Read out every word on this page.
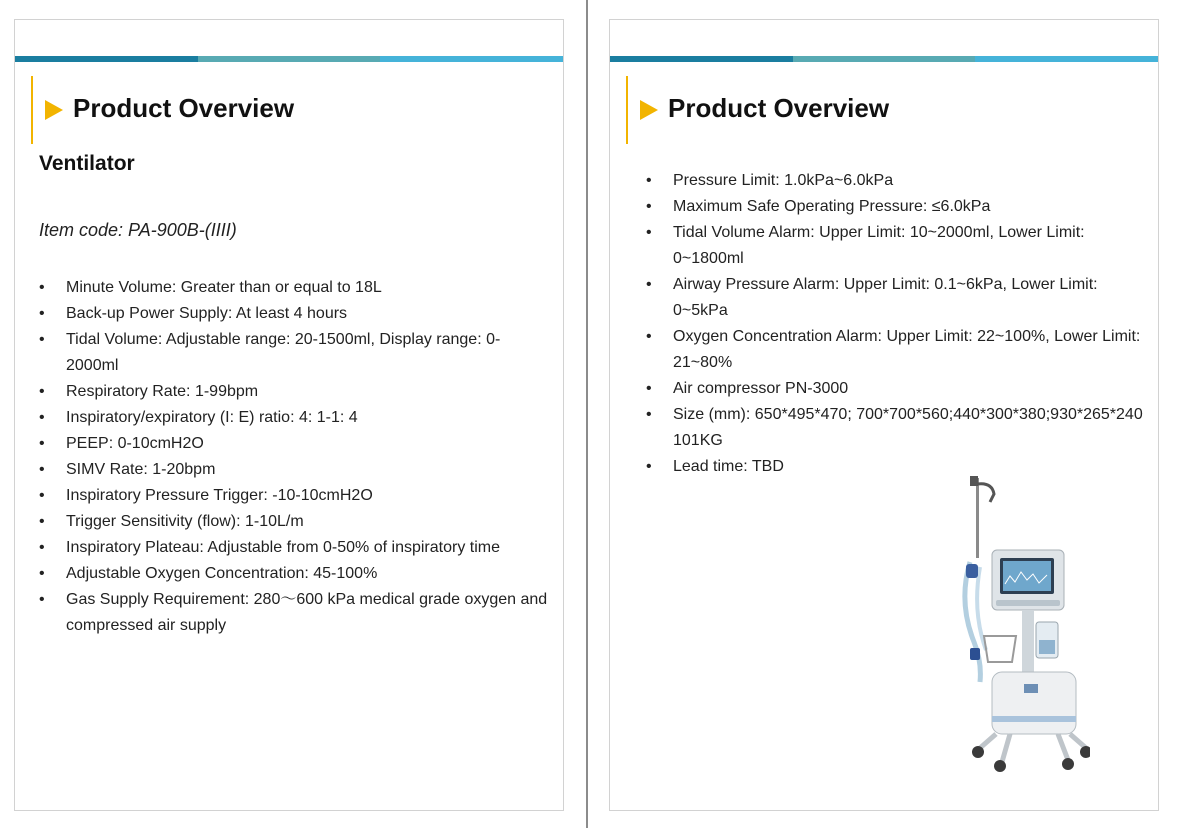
Product Overview
Ventilator
Item code: PA-900B-(IIII)
• Minute Volume: Greater than or equal to 18L
• Back-up Power Supply: At least 4 hours
• Tidal Volume: Adjustable range: 20-1500ml, Display range: 0-2000ml
• Respiratory Rate: 1-99bpm
• Inspiratory/expiratory (I: E) ratio: 4: 1-1: 4
• PEEP: 0-10cmH2O
• SIMV Rate: 1-20bpm
• Inspiratory Pressure Trigger: -10-10cmH2O
• Trigger Sensitivity (flow): 1-10L/m
• Inspiratory Plateau: Adjustable from 0-50% of inspiratory time
• Adjustable Oxygen Concentration: 45-100%
• Gas Supply Requirement: 280～600 kPa medical grade oxygen and compressed air supply
Product Overview
• Pressure Limit: 1.0kPa~6.0kPa
• Maximum Safe Operating Pressure: ≤6.0kPa
• Tidal Volume Alarm: Upper Limit: 10~2000ml, Lower Limit: 0~1800ml
• Airway Pressure Alarm: Upper Limit: 0.1~6kPa, Lower Limit: 0~5kPa
• Oxygen Concentration Alarm: Upper Limit: 22~100%, Lower Limit: 21~80%
• Air compressor PN-3000
• Size (mm): 650*495*470; 700*700*560;440*300*380;930*265*240 101KG
• Lead time: TBD
